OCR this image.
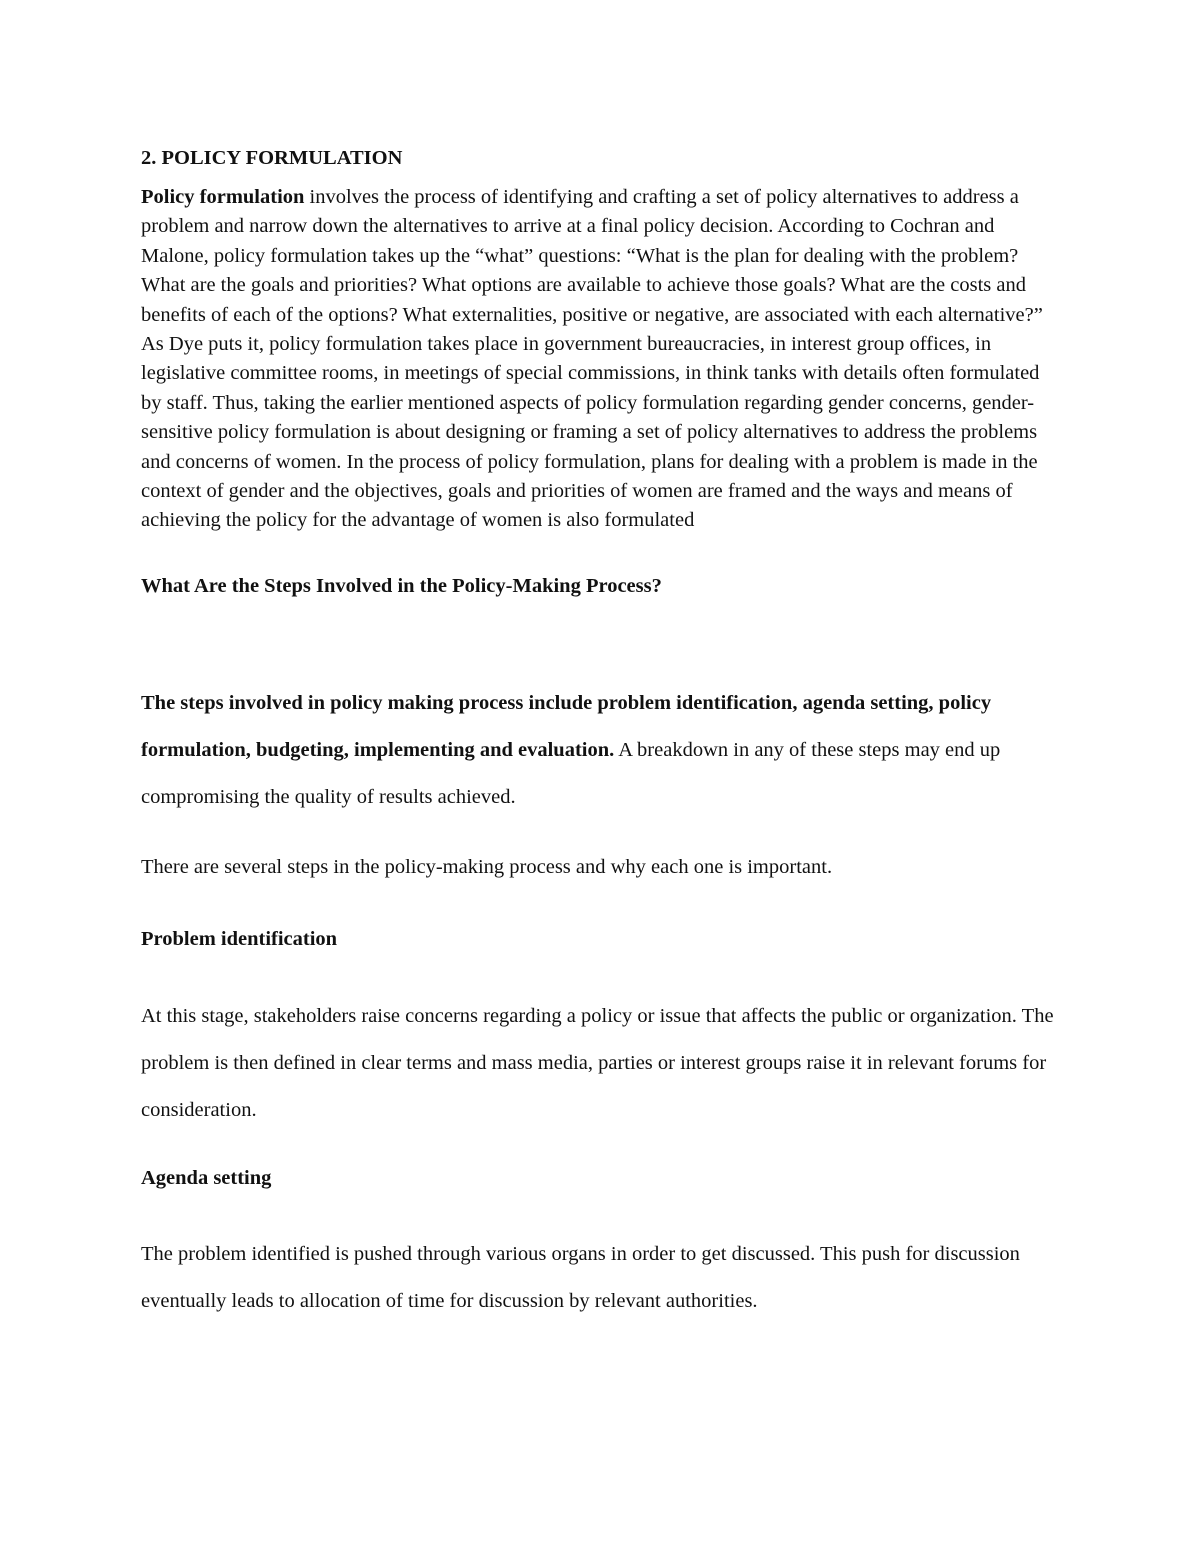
2. POLICY FORMULATION

Policy formulation involves the process of identifying and crafting a set of policy alternatives to address a problem and narrow down the alternatives to arrive at a final policy decision. According to Cochran and Malone, policy formulation takes up the “what” questions: “What is the plan for dealing with the problem? What are the goals and priorities? What options are available to achieve those goals? What are the costs and benefits of each of the options? What externalities, positive or negative, are associated with each alternative?” As Dye puts it, policy formulation takes place in government bureaucracies, in interest group offices, in legislative committee rooms, in meetings of special commissions, in think tanks with details often formulated by staff. Thus, taking the earlier mentioned aspects of policy formulation regarding gender concerns, gender-sensitive policy formulation is about designing or framing a set of policy alternatives to address the problems and concerns of women. In the process of policy formulation, plans for dealing with a problem is made in the context of gender and the objectives, goals and priorities of women are framed and the ways and means of achieving the policy for the advantage of women is also formulated

What Are the Steps Involved in the Policy-Making Process?

The steps involved in policy making process include problem identification, agenda setting, policy formulation, budgeting, implementing and evaluation. A breakdown in any of these steps may end up compromising the quality of results achieved.

There are several steps in the policy-making process and why each one is important.

Problem identification

At this stage, stakeholders raise concerns regarding a policy or issue that affects the public or organization. The problem is then defined in clear terms and mass media, parties or interest groups raise it in relevant forums for consideration.

Agenda setting

The problem identified is pushed through various organs in order to get discussed. This push for discussion eventually leads to allocation of time for discussion by relevant authorities.
